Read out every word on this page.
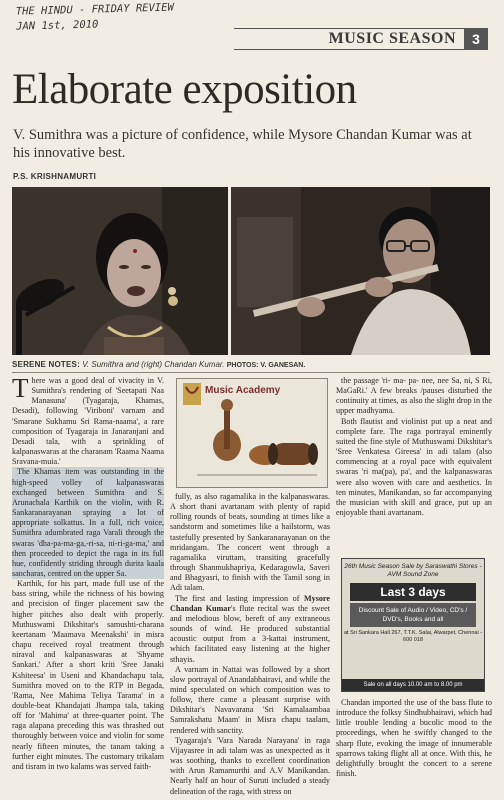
THE HINDU - FRIDAY REVIEW
JAN 1st, 2010
MUSIC SEASON	3
Elaborate exposition
V. Sumithra was a picture of confidence, while Mysore Chandan Kumar was at his innovative best.
P.S. KRISHNAMURTI
SERENE NOTES: V. Sumithra and (right) Chandan Kumar. PHOTOS: V. GANESAN.

There was a good deal of vivacity in V. Sumithra's rendering of 'Seetapati Naa Manasuna' (Tyagaraja, Khamas, Desadi), following 'Viriboni' varnam and 'Smarane Sukhamu Sri Rama-naama', a rare composition of Tyagaraja in Janaranjani and Desadi tala, with a sprinkling of kalpanaswaras at the charanam 'Raama Naama Sravana-muia.'

The Khamas item was outstanding in the high-speed volley of kalpanaswaras exchanged between Sumithra and S. Arunachala Karthik on the violin, with R. Sankaranarayanan spraying a lot of appropriate solkattus. In a full, rich voice, Sumithra adumbrated raga Varali through the swaras 'dha-pa-ma-ga,-ri-sa, ni-ri-ga-ma,' and then proceeded to depict the raga in its full hue, confidently striding through durita kaala sancharas, centred on the upper Sa.

Karthik, for his part, made full use of the bass string, while the richness of his bowing and precision of finger placement saw the higher pitches also dealt with properly. Muthuswami Dikshitar's samushti-charana keertanam 'Maamava Meenakshi' in misra chapu received royal treatment through niraval and kalpanaswaras at 'Shyame Sankari.' After a short kriti 'Sree Janaki Kshiteesa' in Useni and Khandachapu tala, Sumithra moved on to the RTP in Begada, 'Rama, Nee Mahima Teliya Tarama' in a double-beat Khandajati Jhampa tala, taking off for 'Mahima' at three-quarter point. The raga alapana preceding this was thrashed out thoroughly between voice and violin for some nearly fifteen minutes, the tanam taking a further eight minutes. The customary trikalam and tisram in two kalams was served faith-

Music Academy

fully, as also ragamalika in the kalpanaswaras. A short thani avartanam with plenty of rapid rolling rounds of beats, sounding at times like a sandstorm and sometimes like a hailstorm, was tastefully presented by Sankaranarayanan on the mridangam. The concert went through a ragamalika viruttam, transiting gracefully through Shanmukhapriya, Kedaragowla, Saveri and Bhagyasri, to finish with the Tamil song in Adi talam.

The first and lasting impression of Mysore Chandan Kumar's flute recital was the sweet and melodious blow, bereft of any extraneous sounds of wind. He produced substantial acoustic output from a 3-kattai instrument, which facilitated easy listening at the higher sthayis.

A varnam in Nattai was followed by a short slow portrayal of Anandabhairavi, and while the mind speculated on which composition was to follow, there came a pleasant surprise with Dikshitar's Navavarana 'Sri Kamalaambaa Samrakshatu Maam' in Misra chapu taalam, rendered with sanctity.

Tyagaraja's 'Vara Narada Narayana' in raga Vijayasree in adi talam was as unexpected as it was soothing, thanks to excellent coordination with Arun Ramamurthi and A.V Manikandan. Nearly half an hour of Suruti included a steady delineation of the raga, with stress on

the passage 'ri- ma- pa- nee, nee Sa, ni, S Ri, MaGaRi.' A few breaks /pauses disturbed the continuity at times, as also the slight drop in the upper madhyama.

Both flautist and violinist put up a neat and complete fare. The raga portrayal eminently suited the fine style of Muthuswami Dikshitar's 'Sree Venkatesa Gireesa' in adi talam (also commencing at a royal pace with equivalent swaras 'ri ma(pa), pa', and the kalpanaswaras were also woven with care and aesthetics. In ten minutes, Manikandan, so far accompanying the musician with skill and grace, put up an enjoyable thani avartanam.

26th Music Season Sale by Saraswathi Stores - AVM Sound Zone
Last 3 days
Discount Sale of Audio / Video, CD's / DVD's, Books and all
at Sri Sankara Hall 267, T.T.K. Salai, Alwarpet, Chennai - 600 018
Sale on all days 10.00 am to 8.00 pm

Chandan imported the use of the bass flute to introduce the folksy Sindhubhairavi, which had little trouble lending a bucolic mood to the proceedings, when he swiftly changed to the sharp flute, evoking the image of innumerable sparrows taking flight all at once. With this, he delightfully brought the concert to a serene finish.
